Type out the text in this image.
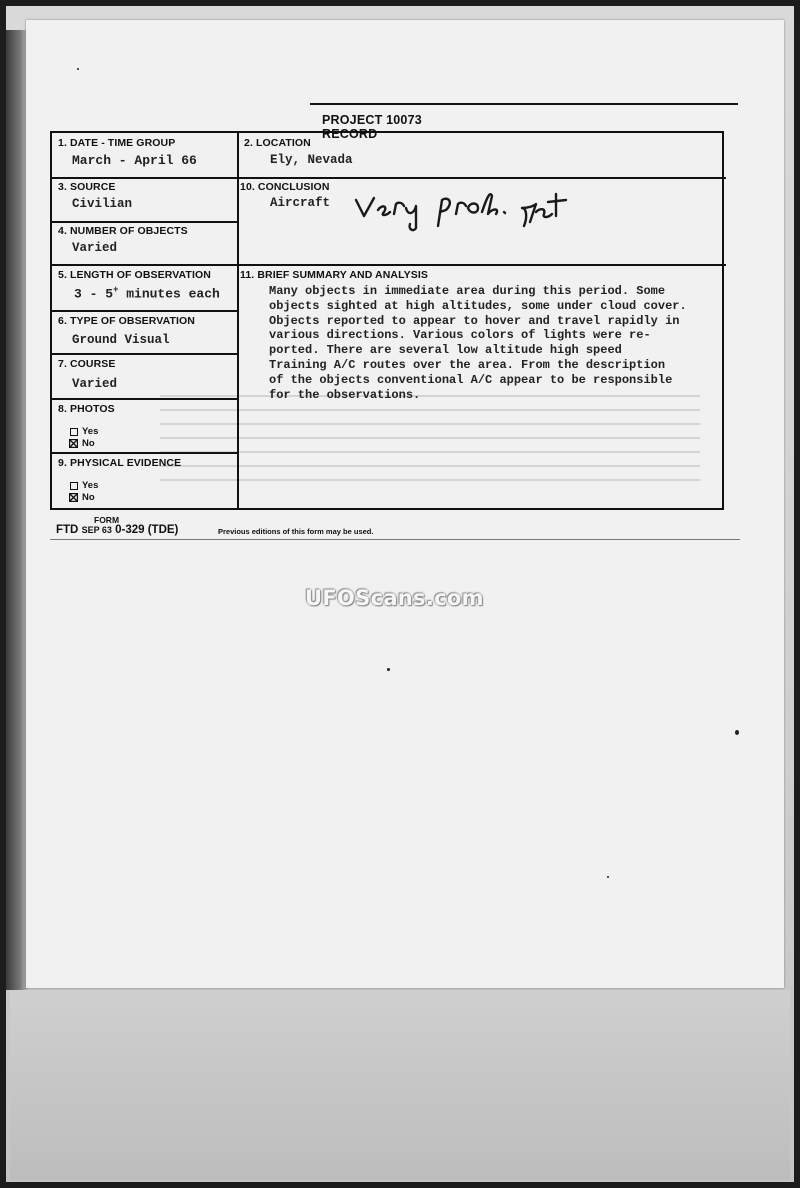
PROJECT 10073 RECORD
1. DATE - TIME GROUP
March - April 66
2. LOCATION
Ely, Nevada
3. SOURCE
Civilian
10. CONCLUSION
Aircraft
4. NUMBER OF OBJECTS
Varied
5. LENGTH OF OBSERVATION
3 - 5+ minutes each
11. BRIEF SUMMARY AND ANALYSIS
6. TYPE OF OBSERVATION
Ground Visual
7. COURSE
Varied
8. PHOTOS
Yes
No
9. PHYSICAL EVIDENCE
Yes
No
Many objects in immediate area during this period. Some
objects sighted at high altitudes, some under cloud cover.
Objects reported to appear to hover and travel rapidly in
various directions. Various colors of lights were re-
ported. There are several low altitude high speed
Training A/C routes over the area. From the description
of the objects conventional A/C appear to be responsible
for the observations.
FORM
FTD SEP 63 0-329 (TDE)	Previous editions of this form may be used.
UFOScans.com
